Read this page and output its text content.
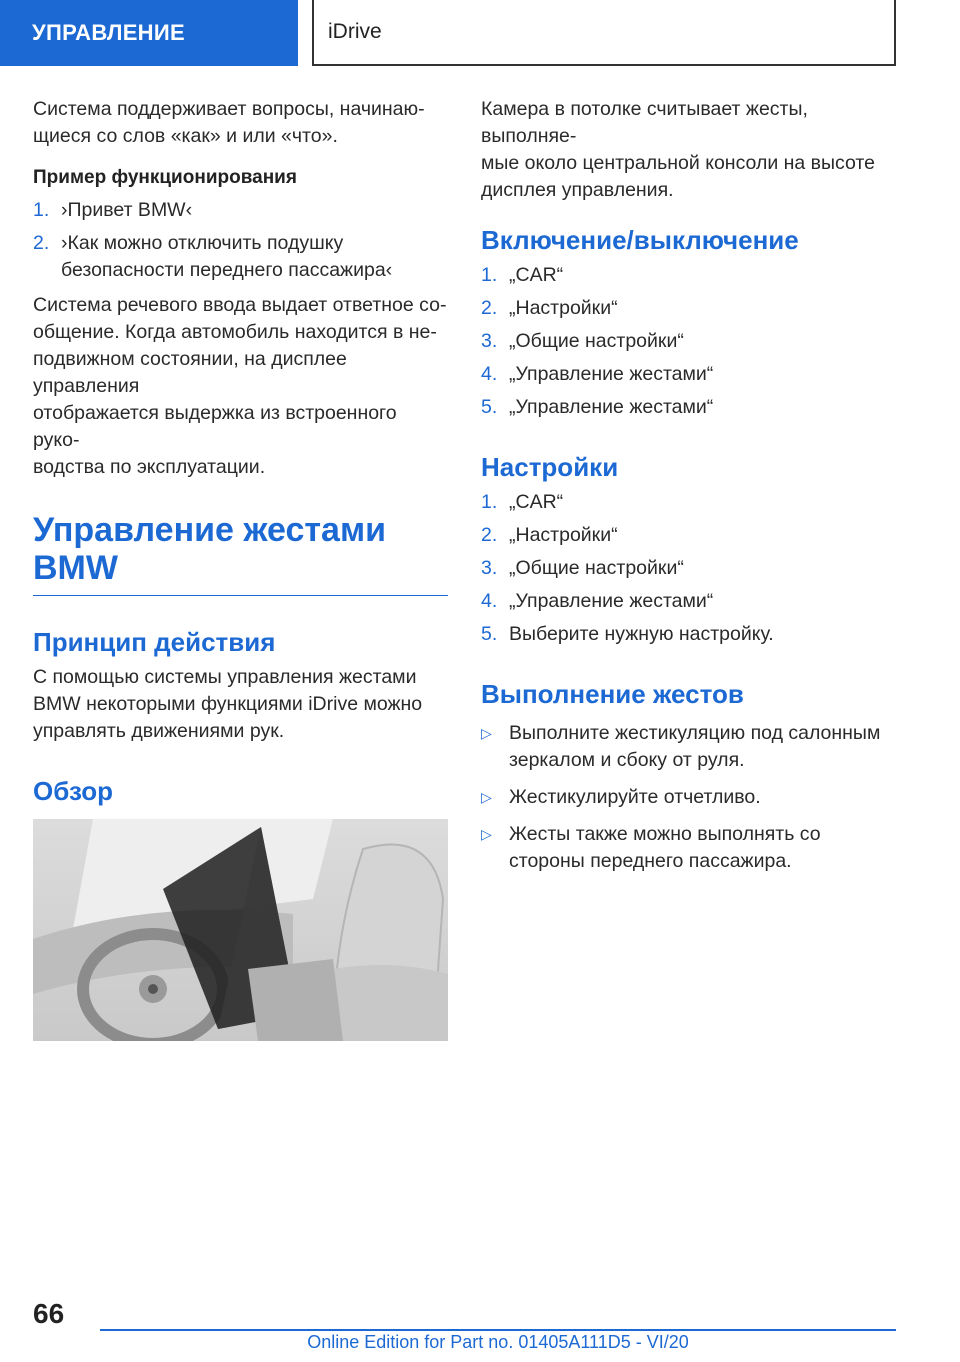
УПРАВЛЕНИЕ	iDrive

Система поддерживает вопросы, начинаю-
щиеся со слов «как» и или «что».

Пример функционирования

1. ›Привет BMW‹
2. ›Как можно отключить подушку безопасности переднего пассажира‹

Система речевого ввода выдает ответное со-
общение. Когда автомобиль находится в не-
подвижном состоянии, на дисплее управления
отображается выдержка из встроенного руко-
водства по эксплуатации.

Управление жестами BMW
Принцип действия

С помощью системы управления жестами
BMW некоторыми функциями iDrive можно
управлять движениями рук.

Обзор

Камера в потолке считывает жесты, выполняе-
мые около центральной консоли на высоте
дисплея управления.

Включение/выключение
1. „CAR“
2. „Настройки“
3. „Общие настройки“
4. „Управление жестами“
5. „Управление жестами“
Настройки
1. „CAR“
2. „Настройки“
3. „Общие настройки“
4. „Управление жестами“
5. Выберите нужную настройку.
Выполнение жестов
▷ Выполните жестикуляцию под салонным зеркалом и сбоку от руля.
▷ Жестикулируйте отчетливо.
▷ Жесты также можно выполнять со стороны переднего пассажира.
66
Online Edition for Part no. 01405A111D5 - VI/20
